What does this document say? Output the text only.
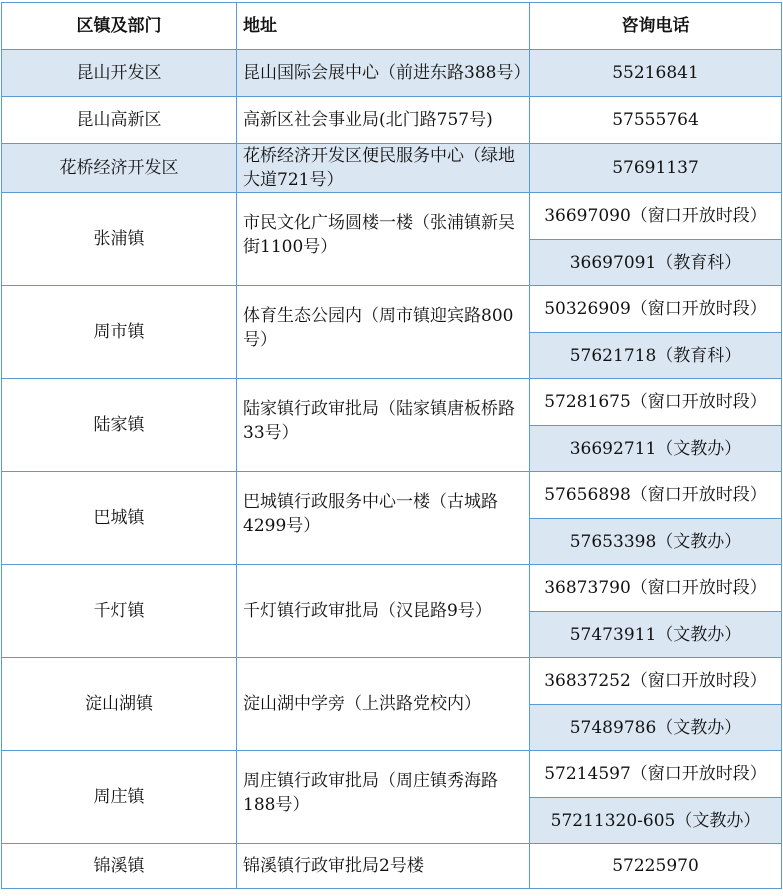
区镇及部门	地址	咨询电话
昆山开发区	昆山国际会展中心（前进东路388号）	55216841
昆山高新区	高新区社会事业局(北门路757号)	57555764
花桥经济开发区	花桥经济开发区便民服务中心（绿地大道721号）	57691137
张浦镇	市民文化广场圆楼一楼（张浦镇新吴街1100号）	36697090（窗口开放时段）
		36697091（教育科）
周市镇	体育生态公园内（周市镇迎宾路800号）	50326909（窗口开放时段）
		57621718（教育科）
陆家镇	陆家镇行政审批局（陆家镇唐板桥路33号）	57281675（窗口开放时段）
		36692711（文教办）
巴城镇	巴城镇行政服务中心一楼（古城路4299号）	57656898（窗口开放时段）
		57653398（文教办）
千灯镇	千灯镇行政审批局（汉昆路9号）	36873790（窗口开放时段）
		57473911（文教办）
淀山湖镇	淀山湖中学旁（上洪路党校内）	36837252（窗口开放时段）
		57489786（文教办）
周庄镇	周庄镇行政审批局（周庄镇秀海路188号）	57214597（窗口开放时段）
		57211320-605（文教办）
锦溪镇	锦溪镇行政审批局2号楼	57225970
